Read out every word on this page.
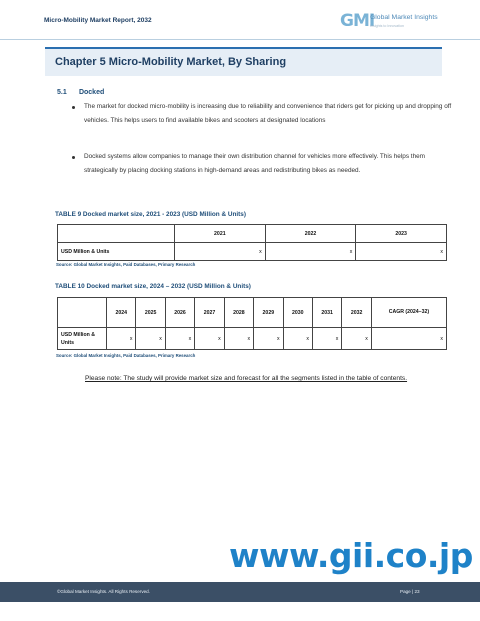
Micro-Mobility Market Report, 2032	GMI
Global Market Insights
Insights to Innovation
Chapter 5 Micro-Mobility Market, By Sharing
5.1 Docked
The market for docked micro-mobility is increasing due to reliability and convenience that riders get for picking up and dropping off vehicles. This helps users to find available bikes and scooters at designated locations
Docked systems allow companies to manage their own distribution channel for vehicles more effectively. This helps them strategically by placing docking stations in high-demand areas and redistributing bikes as needed.
TABLE 9 Docked market size, 2021 - 2023 (USD Million & Units)
	2021	2022	2023
USD Million & Units	x	x	x
Source: Global Market Insights, Paid Databases, Primary Research
TABLE 10 Docked market size, 2024 – 2032 (USD Million & Units)
	2024	2025	2026	2027	2028	2029	2030	2031	2032	CAGR (2024–32)
USD Million & Units	x	x	x	x	x	x	x	x	x	x
Source: Global Market Insights, Paid Databases, Primary Research
Please note: The study will provide market size and forecast for all the segments listed in the table of contents.
www.gii.co.jp
©Global Market Insights. All Rights Reserved.	Page | 23
